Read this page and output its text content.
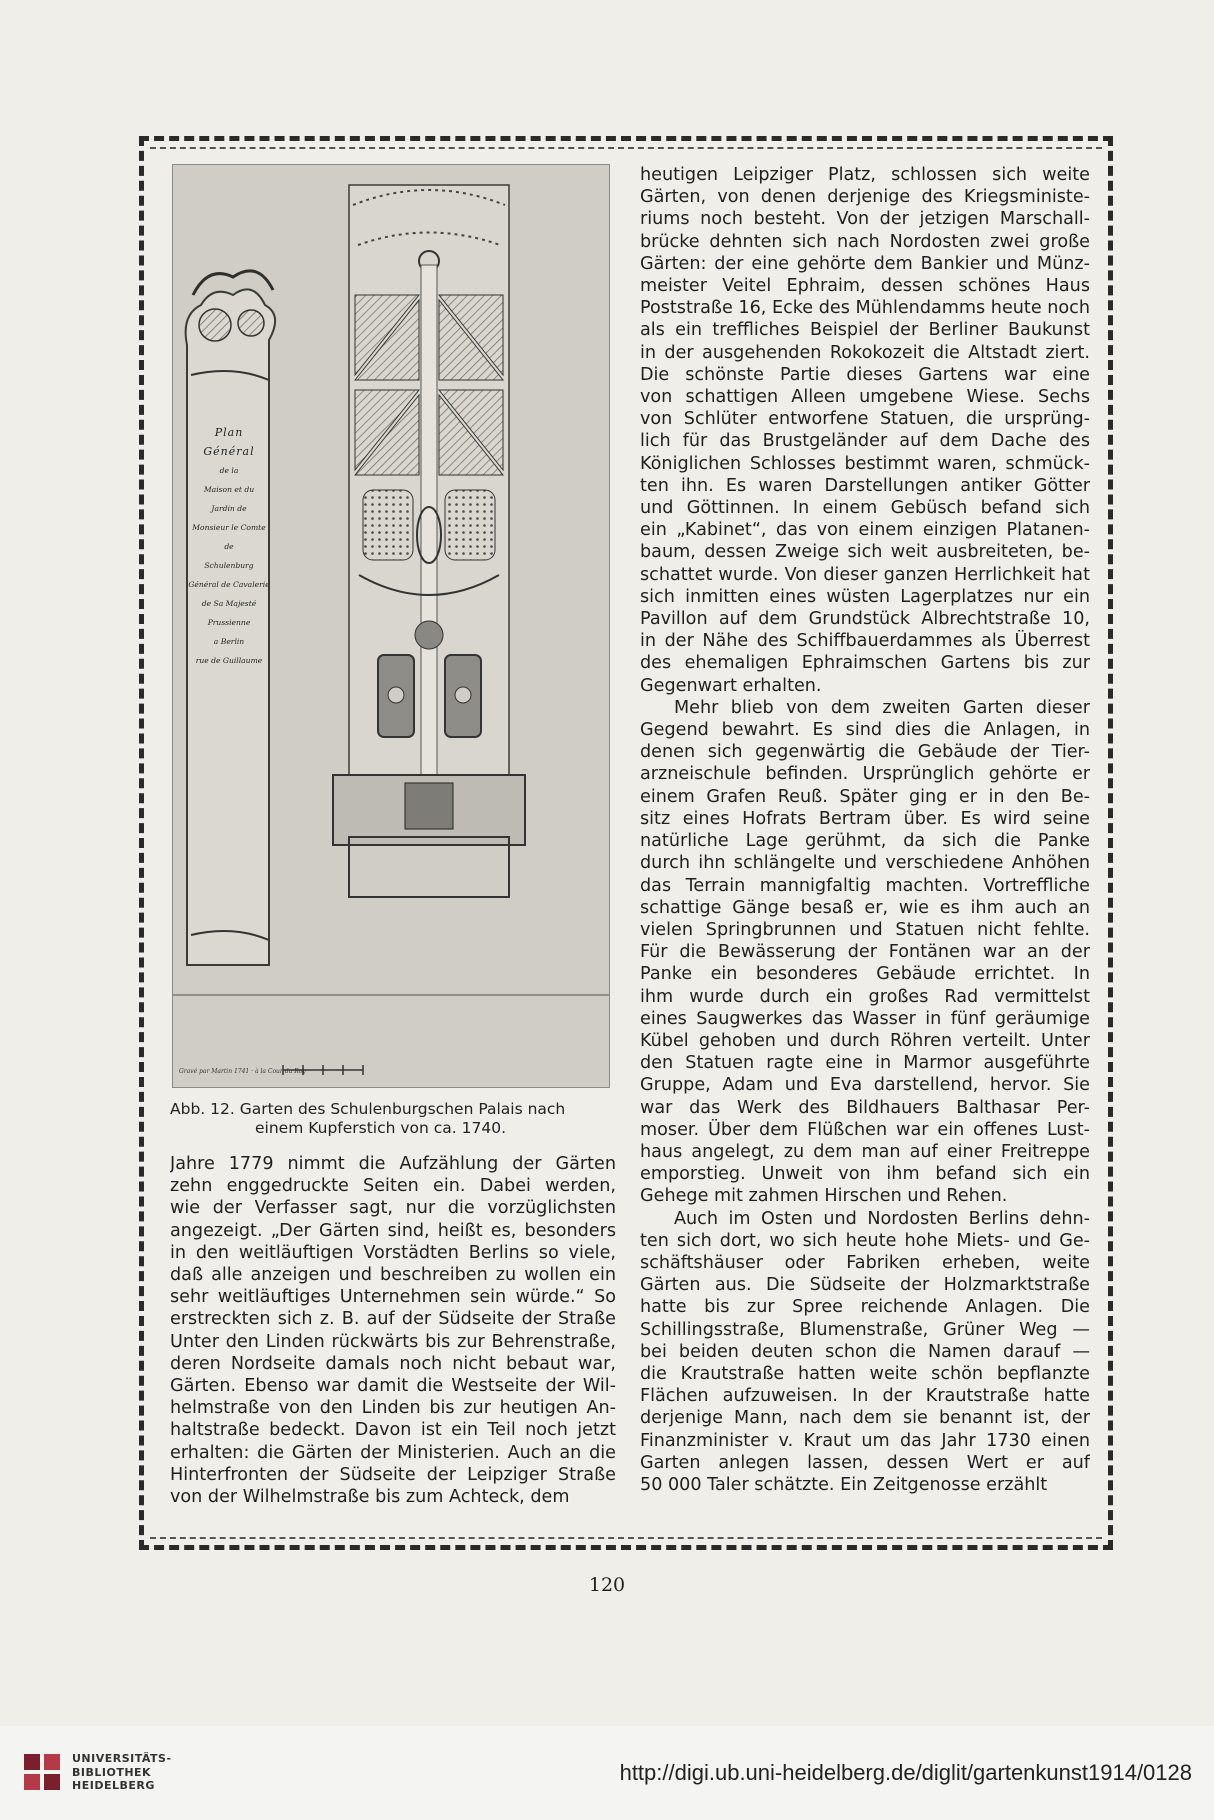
Gravé par Martin 1741 · à la Cour du Roy
Plan
Général
de la
Maison et du
Jardin de
Monsieur le Comte
de
Schulenburg
Général de Cavalerie
de Sa Majesté
Prussienne
a Berlin
rue de Guillaume
Abb. 12. Garten des Schulenburgschen Palais nach
einem Kupferstich von ca. 1740.
Jahre 1779 nimmt die Aufzählung der Gärten
zehn enggedruckte Seiten ein. Dabei werden,
wie der Verfasser sagt, nur die vorzüglichsten
angezeigt. „Der Gärten sind, heißt es, besonders
in den weitläuftigen Vorstädten Berlins so viele,
daß alle anzeigen und beschreiben zu wollen ein
sehr weitläuftiges Unternehmen sein würde.“ So
erstreckten sich z. B. auf der Südseite der Straße
Unter den Linden rückwärts bis zur Behrenstraße,
deren Nordseite damals noch nicht bebaut war,
Gärten. Ebenso war damit die Westseite der Wil-
helmstraße von den Linden bis zur heutigen An-
haltstraße bedeckt. Davon ist ein Teil noch jetzt
erhalten: die Gärten der Ministerien. Auch an die
Hinterfronten der Südseite der Leipziger Straße
von der Wilhelmstraße bis zum Achteck, dem
heutigen Leipziger Platz, schlossen sich weite
Gärten, von denen derjenige des Kriegsministe-
riums noch besteht. Von der jetzigen Marschall-
brücke dehnten sich nach Nordosten zwei große
Gärten: der eine gehörte dem Bankier und Münz-
meister Veitel Ephraim, dessen schönes Haus
Poststraße 16, Ecke des Mühlendamms heute noch
als ein treffliches Beispiel der Berliner Baukunst
in der ausgehenden Rokokozeit die Altstadt ziert.
Die schönste Partie dieses Gartens war eine
von schattigen Alleen umgebene Wiese. Sechs
von Schlüter entworfene Statuen, die ursprüng-
lich für das Brustgeländer auf dem Dache des
Königlichen Schlosses bestimmt waren, schmück-
ten ihn. Es waren Darstellungen antiker Götter
und Göttinnen. In einem Gebüsch befand sich
ein „Kabinet“, das von einem einzigen Platanen-
baum, dessen Zweige sich weit ausbreiteten, be-
schattet wurde. Von dieser ganzen Herrlichkeit hat
sich inmitten eines wüsten Lagerplatzes nur ein
Pavillon auf dem Grundstück Albrechtstraße 10,
in der Nähe des Schiffbauerdammes als Überrest
des ehemaligen Ephraimschen Gartens bis zur
Gegenwart erhalten.
Mehr blieb von dem zweiten Garten dieser
Gegend bewahrt. Es sind dies die Anlagen, in
denen sich gegenwärtig die Gebäude der Tier-
arzneischule befinden. Ursprünglich gehörte er
einem Grafen Reuß. Später ging er in den Be-
sitz eines Hofrats Bertram über. Es wird seine
natürliche Lage gerühmt, da sich die Panke
durch ihn schlängelte und verschiedene Anhöhen
das Terrain mannigfaltig machten. Vortreffliche
schattige Gänge besaß er, wie es ihm auch an
vielen Springbrunnen und Statuen nicht fehlte.
Für die Bewässerung der Fontänen war an der
Panke ein besonderes Gebäude errichtet. In
ihm wurde durch ein großes Rad vermittelst
eines Saugwerkes das Wasser in fünf geräumige
Kübel gehoben und durch Röhren verteilt. Unter
den Statuen ragte eine in Marmor ausgeführte
Gruppe, Adam und Eva darstellend, hervor. Sie
war das Werk des Bildhauers Balthasar Per-
moser. Über dem Flüßchen war ein offenes Lust-
haus angelegt, zu dem man auf einer Freitreppe
emporstieg. Unweit von ihm befand sich ein
Gehege mit zahmen Hirschen und Rehen.
Auch im Osten und Nordosten Berlins dehn-
ten sich dort, wo sich heute hohe Miets- und Ge-
schäftshäuser oder Fabriken erheben, weite
Gärten aus. Die Südseite der Holzmarktstraße
hatte bis zur Spree reichende Anlagen. Die
Schillingsstraße, Blumenstraße, Grüner Weg —
bei beiden deuten schon die Namen darauf —
die Krautstraße hatten weite schön bepflanzte
Flächen aufzuweisen. In der Krautstraße hatte
derjenige Mann, nach dem sie benannt ist, der
Finanzminister v. Kraut um das Jahr 1730 einen
Garten anlegen lassen, dessen Wert er auf
50 000 Taler schätzte. Ein Zeitgenosse erzählt
120
UNIVERSITÄTS-
BIBLIOTHEK
HEIDELBERG
http://digi.ub.uni-heidelberg.de/diglit/gartenkunst1914/0128
